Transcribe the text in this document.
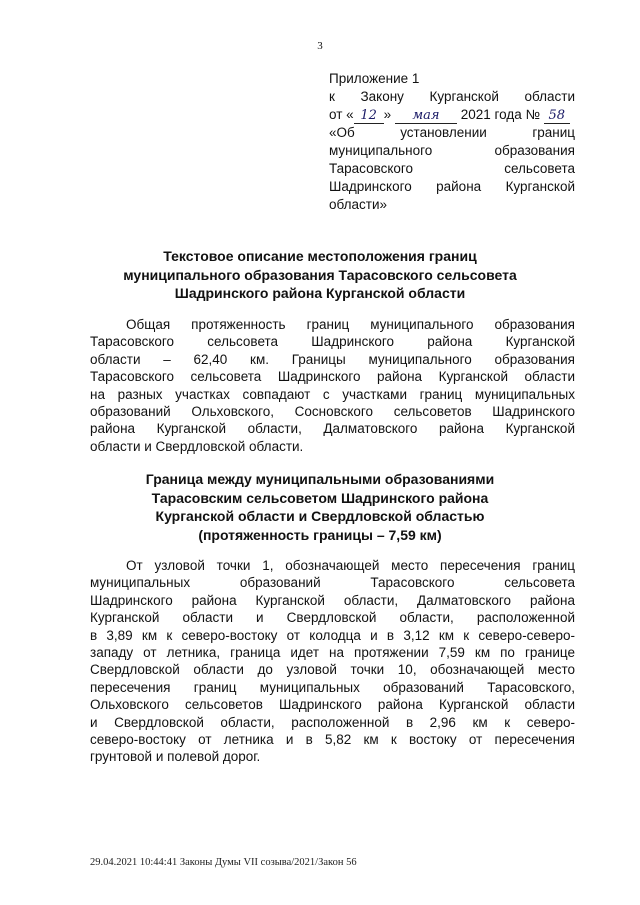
3
Приложение 1
к Закону Курганской области
от « 12 » мая 2021 года № 58
«Об установлении границ
муниципального образования
Тарасовского сельсовета
Шадринского района Курганской
области»
Текстовое описание местоположения границ
муниципального образования Тарасовского сельсовета
Шадринского района Курганской области
Общая протяженность границ муниципального образования
Тарасовского сельсовета Шадринского района Курганской
области – 62,40 км. Границы муниципального образования
Тарасовского сельсовета Шадринского района Курганской области
на разных участках совпадают с участками границ муниципальных
образований Ольховского, Сосновского сельсоветов Шадринского
района Курганской области, Далматовского района Курганской
области и Свердловской области.
Граница между муниципальными образованиями
Тарасовским сельсоветом Шадринского района
Курганской области и Свердловской областью
(протяженность границы – 7,59 км)
От узловой точки 1, обозначающей место пересечения границ
муниципальных образований Тарасовского сельсовета
Шадринского района Курганской области, Далматовского района
Курганской области и Свердловской области, расположенной
в 3,89 км к северо-востоку от колодца и в 3,12 км к северо-северо-
западу от летника, граница идет на протяжении 7,59 км по границе
Свердловской области до узловой точки 10, обозначающей место
пересечения границ муниципальных образований Тарасовского,
Ольховского сельсоветов Шадринского района Курганской области
и Свердловской области, расположенной в 2,96 км к северо-
северо-востоку от летника и в 5,82 км к востоку от пересечения
грунтовой и полевой дорог.
29.04.2021 10:44:41 Законы Думы VII созыва/2021/Закон 56
